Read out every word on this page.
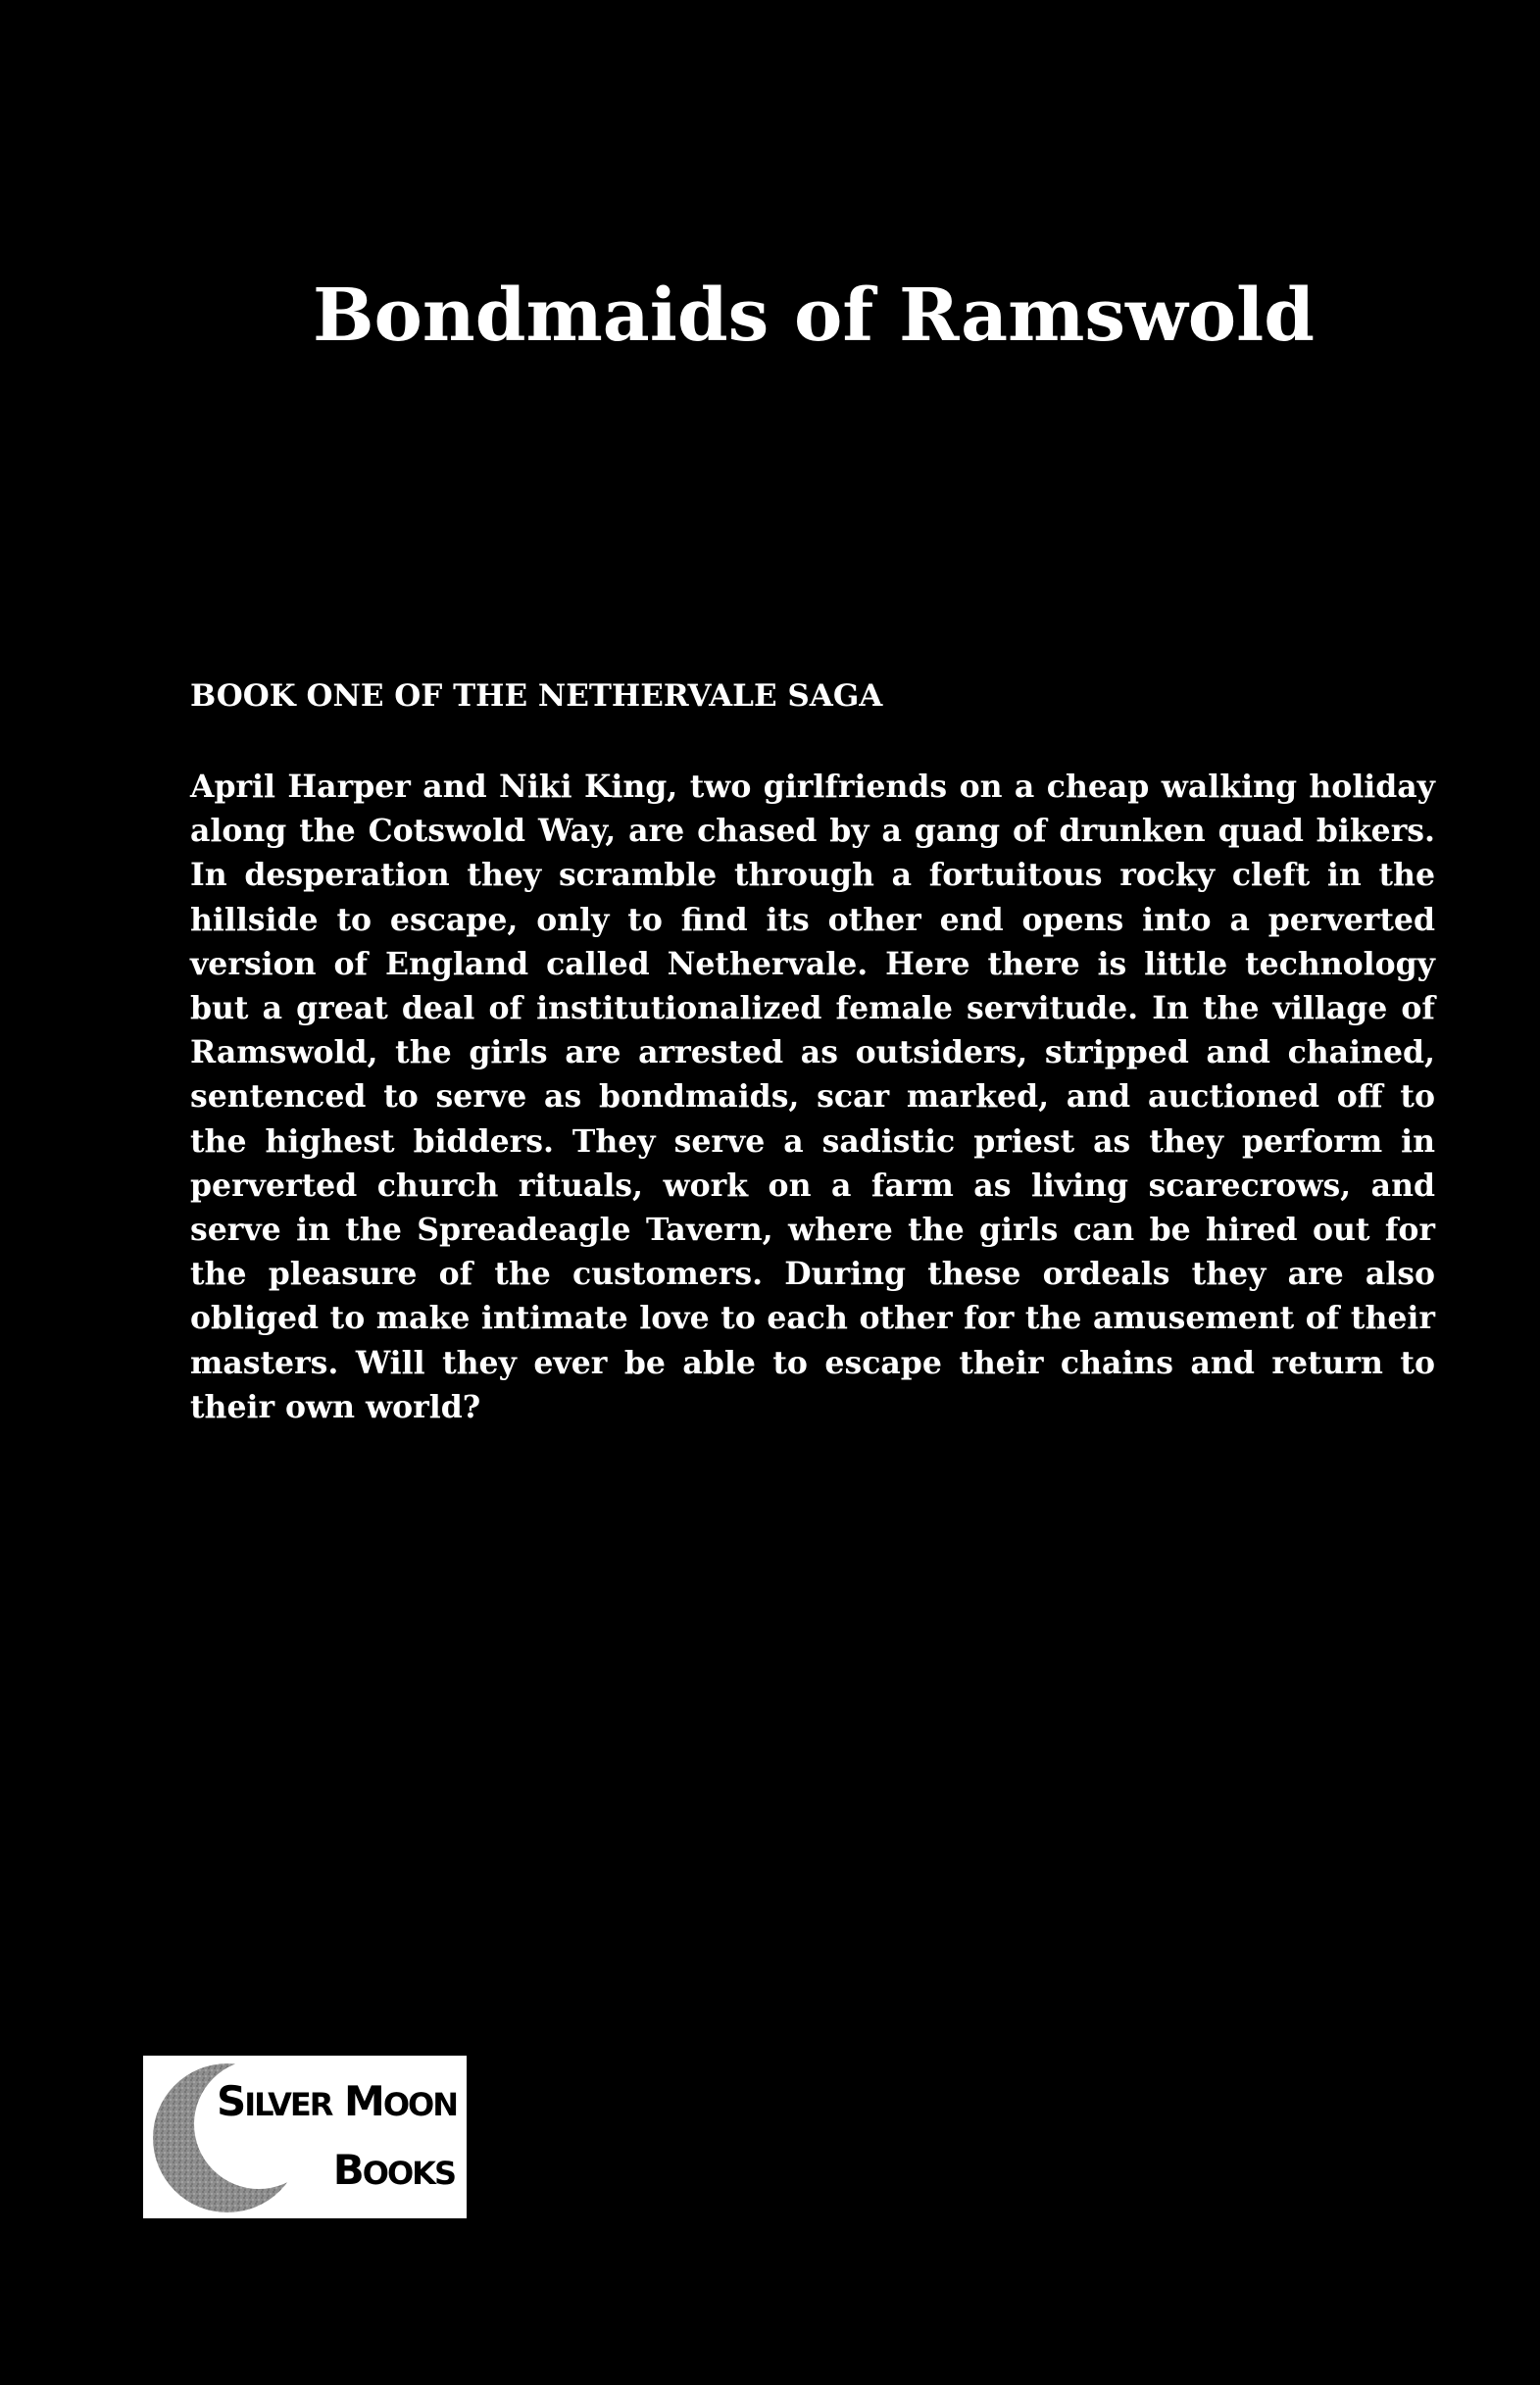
Bondmaids of Ramswold

BOOK ONE OF THE NETHERVALE SAGA

April Harper and Niki King, two girlfriends on a cheap walking holiday along the Cotswold Way, are chased by a gang of drunken quad bikers. In desperation they scramble through a fortuitous rocky cleft in the hillside to escape, only to find its other end opens into a perverted version of England called Nethervale. Here there is little technology but a great deal of institutionalized female servitude. In the village of Ramswold, the girls are arrested as outsiders, stripped and chained, sentenced to serve as bondmaids, scar marked, and auctioned off to the highest bidders. They serve a sadistic priest as they perform in perverted church rituals, work on a farm as living scarecrows, and serve in the Spreadeagle Tavern, where the girls can be hired out for the pleasure of the customers. During these ordeals they are also obliged to make intimate love to each other for the amusement of their masters. Will they ever be able to escape their chains and return to their own world?

SILVER MOON
BOOKS
